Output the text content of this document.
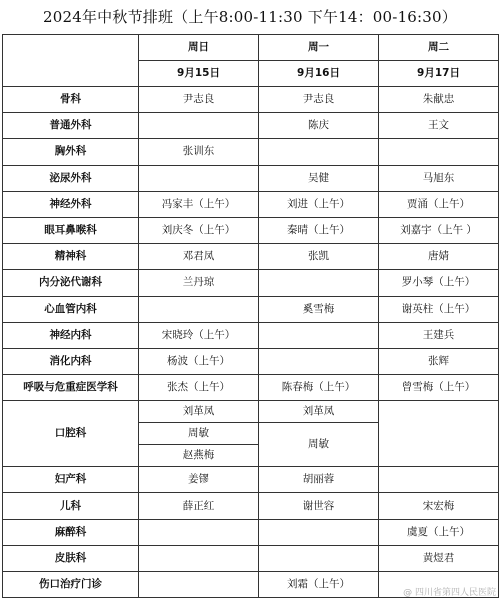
2024年中秋节排班（上午8:00-11:30 下午14：00-16:30）
	周日	周一	周二
	9月15日	9月16日	9月17日
骨科	尹志良	尹志良	朱献忠
普通外科		陈庆	王文
胸外科	张训东		
泌尿外科		吴健	马旭东
神经外科	冯家丰（上午）	刘进（上午）	贾涌（上午）
眼耳鼻喉科	刘庆冬（上午）	秦晴（上午）	刘嘉宇（上午 ）
精神科	邓君凤	张凯	唐婧
内分泌代谢科	兰丹琼		罗小琴（上午）
心血管内科		奚雪梅	谢英柱（上午）
神经内科	宋晓玲（上午）		王建兵
消化内科	杨波（上午）		张辉
呼吸与危重症医学科	张杰（上午）	陈春梅（上午）	曾雪梅（上午）
口腔科	刘革凤	刘革凤	
	周敏	周敏	
	赵燕梅		
妇产科	姜镠	胡丽蓉	
儿科	薛正红	谢世容	宋宏梅
麻醉科			虞夏（上午）
皮肤科			黄煜君
伤口治疗门诊		刘霜（上午）	
@ 四川省第四人民医院
